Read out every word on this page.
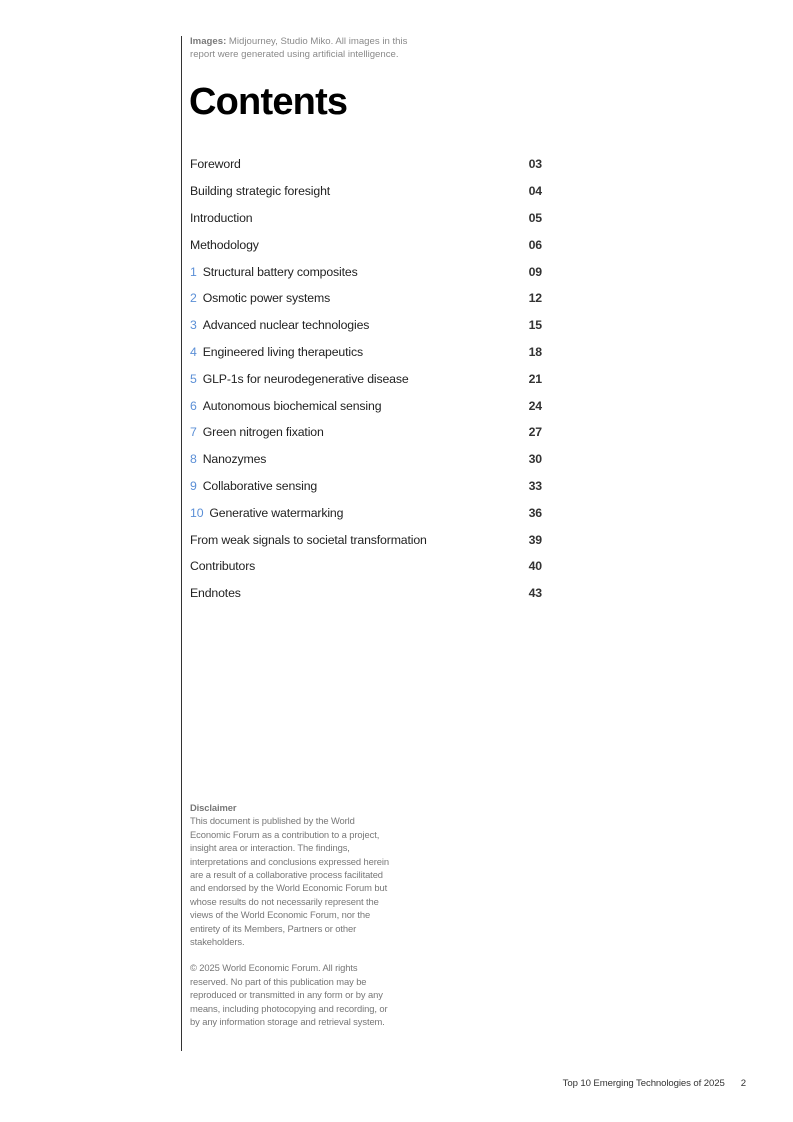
Images: Midjourney, Studio Miko. All images in this report were generated using artificial intelligence.
Contents
Foreword	03
Building strategic foresight	04
Introduction	05
Methodology	06
1 Structural battery composites	09
2 Osmotic power systems	12
3 Advanced nuclear technologies	15
4 Engineered living therapeutics	18
5 GLP-1s for neurodegenerative disease	21
6 Autonomous biochemical sensing	24
7 Green nitrogen fixation	27
8 Nanozymes	30
9 Collaborative sensing	33
10 Generative watermarking	36
From weak signals to societal transformation	39
Contributors	40
Endnotes	43

Disclaimer

This document is published by the World Economic Forum as a contribution to a project, insight area or interaction. The findings, interpretations and conclusions expressed herein are a result of a collaborative process facilitated and endorsed by the World Economic Forum but whose results do not necessarily represent the views of the World Economic Forum, nor the entirety of its Members, Partners or other stakeholders.

© 2025 World Economic Forum. All rights reserved. No part of this publication may be reproduced or transmitted in any form or by any means, including photocopying and recording, or by any information storage and retrieval system.

Top 10 Emerging Technologies of 2025 2
